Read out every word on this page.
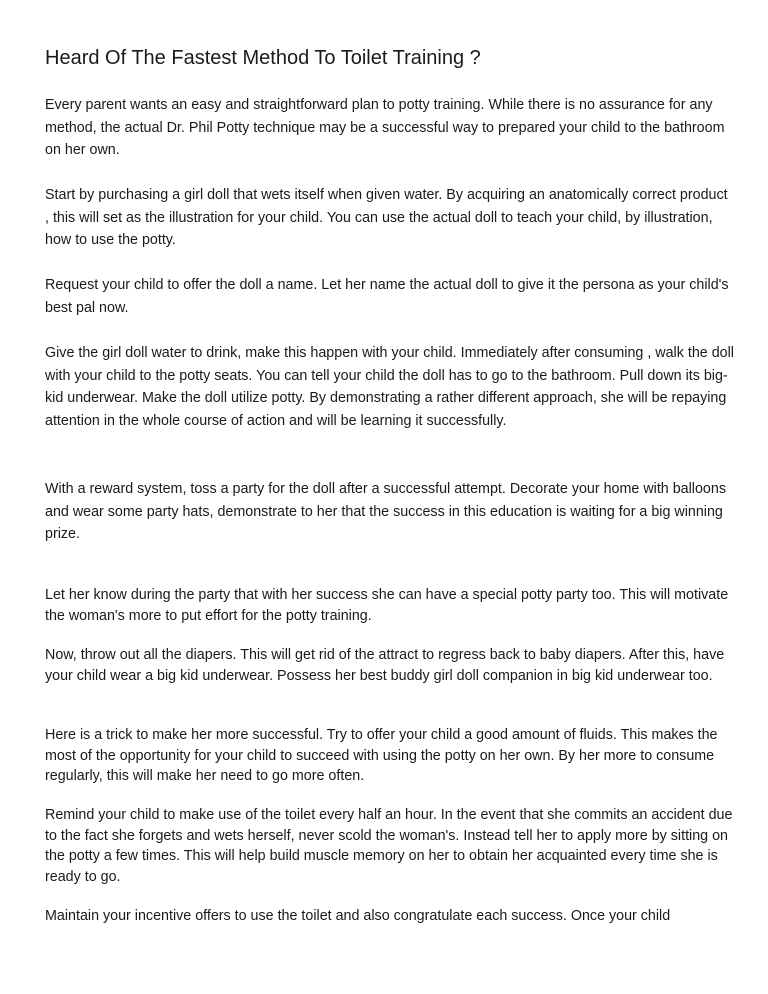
Heard Of The Fastest Method To Toilet Training ?

Every parent wants an easy and straightforward plan to potty training. While there is no assurance for any method, the actual Dr. Phil Potty technique may be a successful way to prepared your child to the bathroom on her own.

Start by purchasing a girl doll that wets itself when given water. By acquiring an anatomically correct product , this will set as the illustration for your child. You can use the actual doll to teach your child, by illustration, how to use the potty.

Request your child to offer the doll a name. Let her name the actual doll to give it the persona as your child's best pal now.

Give the girl doll water to drink, make this happen with your child. Immediately after consuming , walk the doll with your child to the potty seats. You can tell your child the doll has to go to the bathroom. Pull down its big-kid underwear. Make the doll utilize potty. By demonstrating a rather different approach, she will be repaying attention in the whole course of action and will be learning it successfully.

With a reward system, toss a party for the doll after a successful attempt. Decorate your home with balloons and wear some party hats, demonstrate to her that the success in this education is waiting for a big winning prize.

Let her know during the party that with her success she can have a special potty party too. This will motivate the woman's more to put effort for the potty training.

Now, throw out all the diapers. This will get rid of the attract to regress back to baby diapers. After this, have your child wear a big kid underwear. Possess her best buddy girl doll companion in big kid underwear too.

Here is a trick to make her more successful. Try to offer your child a good amount of fluids. This makes the most of the opportunity for your child to succeed with using the potty on her own. By her more to consume regularly, this will make her need to go more often.

Remind your child to make use of the toilet every half an hour. In the event that she commits an accident due to the fact she forgets and wets herself, never scold the woman's. Instead tell her to apply more by sitting on the potty a few times. This will help build muscle memory on her to obtain her acquainted every time she is ready to go.

Maintain your incentive offers to use the toilet and also congratulate each success. Once your child
